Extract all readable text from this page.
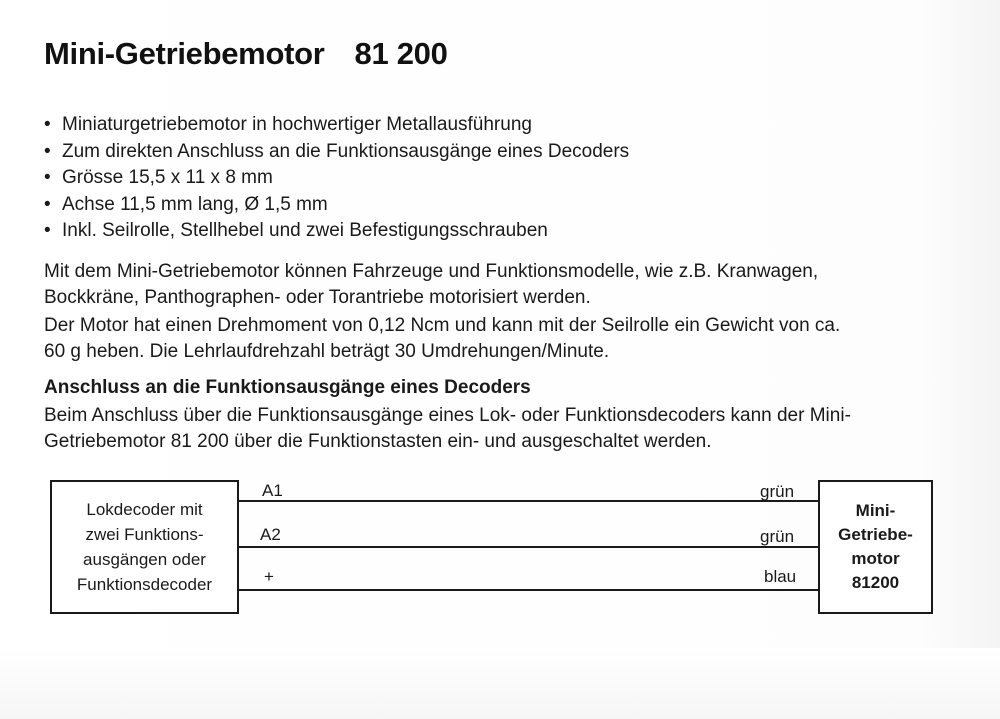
Mini-Getriebemotor 81 200
• Miniaturgetriebemotor in hochwertiger Metallausführung
• Zum direkten Anschluss an die Funktionsausgänge eines Decoders
• Grösse 15,5 x 11 x 8 mm
• Achse 11,5 mm lang, Ø 1,5 mm
• Inkl. Seilrolle, Stellhebel und zwei Befestigungsschrauben

Mit dem Mini-Getriebemotor können Fahrzeuge und Funktionsmodelle, wie z.B. Kranwagen,
Bockkräne, Panthographen- oder Torantriebe motorisiert werden.

Der Motor hat einen Drehmoment von 0,12 Ncm und kann mit der Seilrolle ein Gewicht von ca.
60 g heben. Die Lehrlaufdrehzahl beträgt 30 Umdrehungen/Minute.

Anschluss an die Funktionsausgänge eines Decoders

Beim Anschluss über die Funktionsausgänge eines Lok- oder Funktionsdecoders kann der Mini-
Getriebemotor 81 200 über die Funktionstasten ein- und ausgeschaltet werden.

Lokdecoder mit
zwei Funktions-
ausgängen oder
Funktionsdecoder
Mini-
Getriebe-
motor
81200
A1
A2
+
grün
grün
blau
